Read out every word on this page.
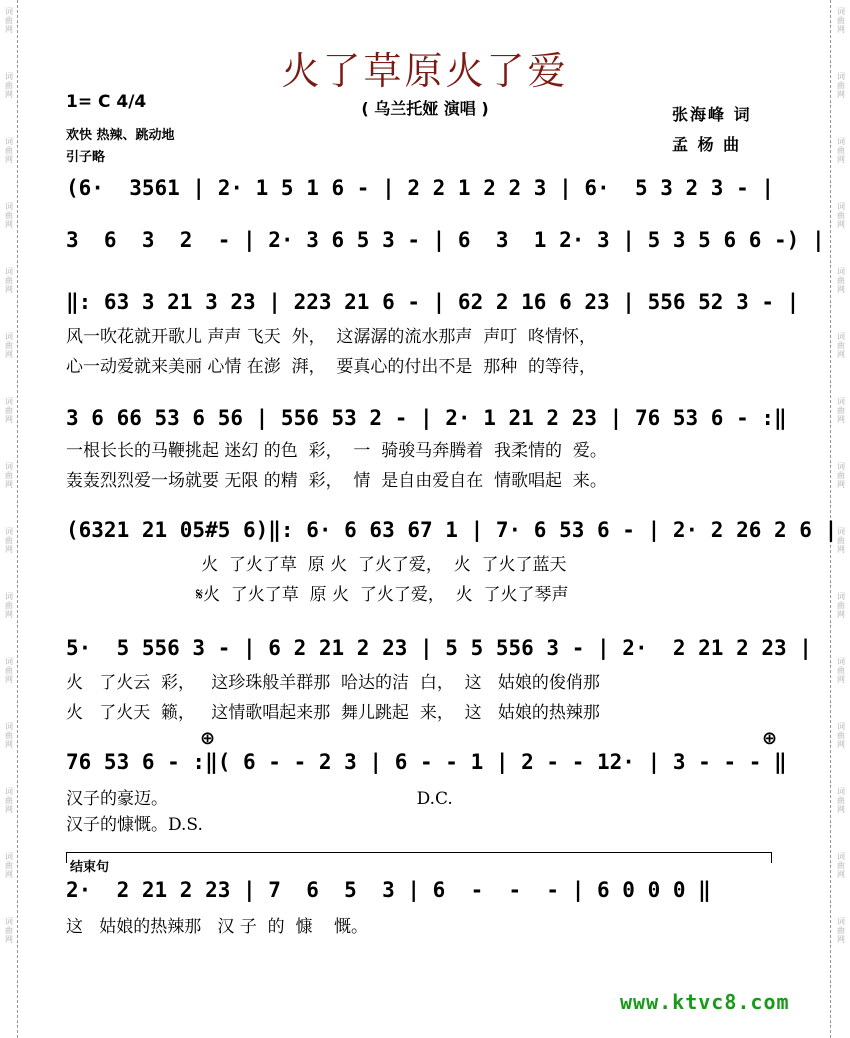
词曲网
词曲网
词曲网
词曲网
词曲网
词曲网
词曲网
词曲网
词曲网
词曲网
词曲网
词曲网
词曲网
词曲网
词曲网
词曲网
词曲网
词曲网
词曲网
词曲网
词曲网
词曲网
词曲网
词曲网
词曲网
词曲网
词曲网
词曲网
词曲网
词曲网
火了草原火了爱
( 乌兰托娅 演唱 )
1= C 4/4
欢快 热辣、跳动地
引子略
张海峰 词
孟 杨 曲
(6·  3561 | 2· 1 5 1 6 - | 2 2 1 2 2 3 | 6·  5 3 2 3 - |
3  6  3  2  - | 2· 3 6 5 3 - | 6  3  1 2· 3 | 5 3 5 6 6 -) |
‖: 63 3 21 3 23 | 223 21 6 - | 62 2 16 6 23 | 556 52 3 - |
风一吹花就开歌儿 声声 飞天  外，  这潺潺的流水那声  声叮  咚情怀，
心一动爱就来美丽 心情 在澎  湃，  要真心的付出不是  那种  的等待，
3 6 66 53 6 56 | 556 53 2 - | 2· 1 21 2 23 | 76 53 6 - :‖
一根长长的马鞭挑起 迷幻 的色  彩，  一  骑骏马奔腾着  我柔情的  爱。
轰轰烈烈爱一场就要 无限 的精  彩，  情  是自由爱自在  情歌唱起  来。
(6321 21 05#5 6)‖: 6· 6 63 67 1 | 7· 6 53 6 - | 2· 2 26 2 6 |
火  了火了草  原 火  了火了爱，  火  了火了蓝天
𝄋火  了火了草  原 火  了火了爱，  火  了火了琴声
5·  5 556 3 - | 6 2 21 2 23 | 5 5 556 3 - | 2·  2 21 2 23 |
火   了火云  彩，   这珍珠般羊群那  哈达的洁  白，  这   姑娘的俊俏那
火   了火天  籁，   这情歌唱起来那  舞儿跳起  来，  这   姑娘的热辣那
⊕	⊕
76 53 6 - :‖( 6 - - 2 3 | 6 - - 1 | 2 - - 12· | 3 - - - ‖
汉子的豪迈。                                              D.C.
汉子的慷慨。D.S.
结束句
2·  2 21 2 23 | 7  6  5  3 | 6  -  -  - | 6 0 0 0 ‖
这   姑娘的热辣那   汉 子  的  慷    慨。
www.ktvc8.com
